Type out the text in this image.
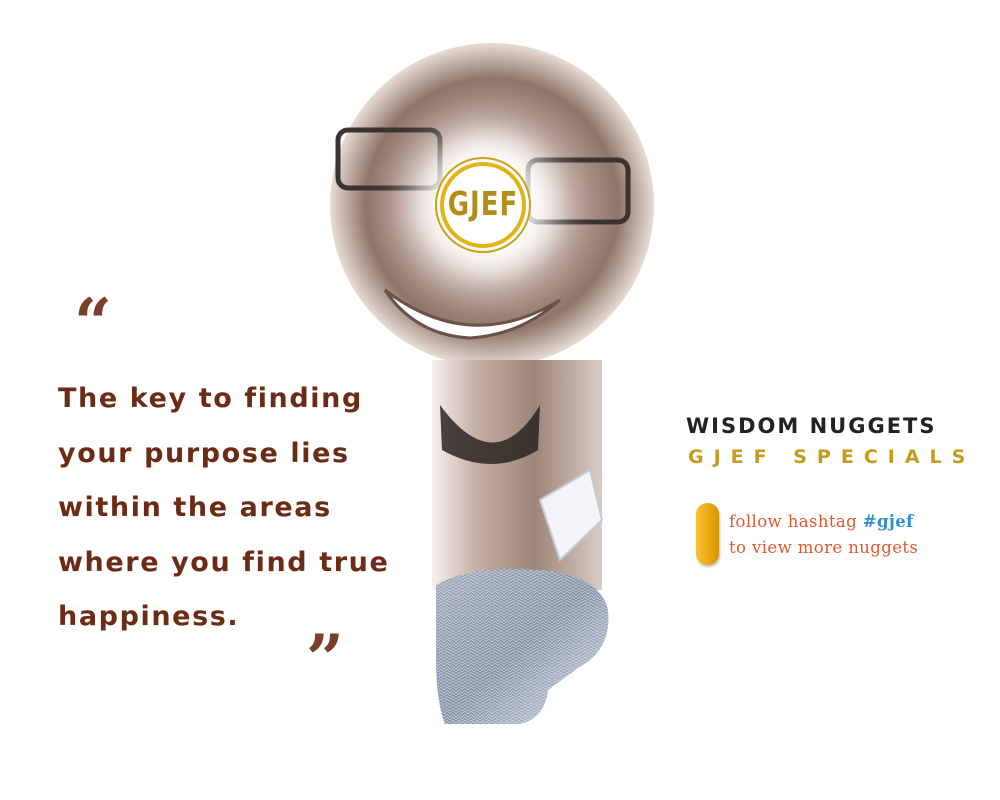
GJEF
“

The key to finding your purpose lies within the areas where you find true happiness.

”
WISDOM NUGGETS
GJEF SPECIALS

follow hashtag #gjef

to view more nuggets
